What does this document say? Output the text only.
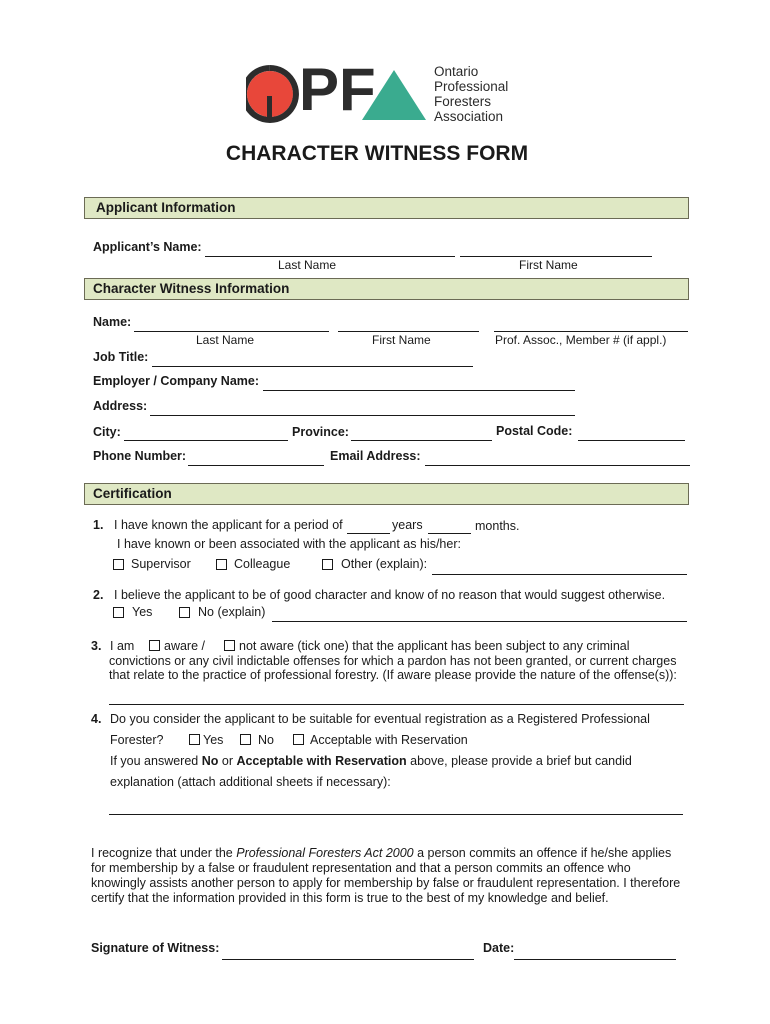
P F	Ontario
Professional
Foresters
Association
CHARACTER WITNESS FORM
Applicant Information
Applicant’s Name:
Last Name	First Name
Character Witness Information
Name:
Last Name	First Name	Prof. Assoc., Member # (if appl.)
Job Title:
Employer / Company Name:
Address:
City:	Province:	Postal Code:
Phone Number:	Email Address:
Certification
1. I have known the applicant for a period of	years	months.
I have known or been associated with the applicant as his/her:
Supervisor	Colleague	Other (explain):
2. I believe the applicant to be of good character and know of no reason that would suggest otherwise.
Yes	No (explain)
3. I am aware /	not aware (tick one) that the applicant has been subject to any criminal
convictions or any civil indictable offenses for which a pardon has not been granted, or current charges
that relate to the practice of professional forestry. (If aware please provide the nature of the offense(s)):
4. Do you consider the applicant to be suitable for eventual registration as a Registered Professional
Forester?	Yes	No	Acceptable with Reservation
If you answered No or Acceptable with Reservation above, please provide a brief but candid
explanation (attach additional sheets if necessary):
I recognize that under the Professional Foresters Act 2000 a person commits an offence if he/she applies
for membership by a false or fraudulent representation and that a person commits an offence who
knowingly assists another person to apply for membership by false or fraudulent representation. I therefore
certify that the information provided in this form is true to the best of my knowledge and belief.
Signature of Witness:	Date:
